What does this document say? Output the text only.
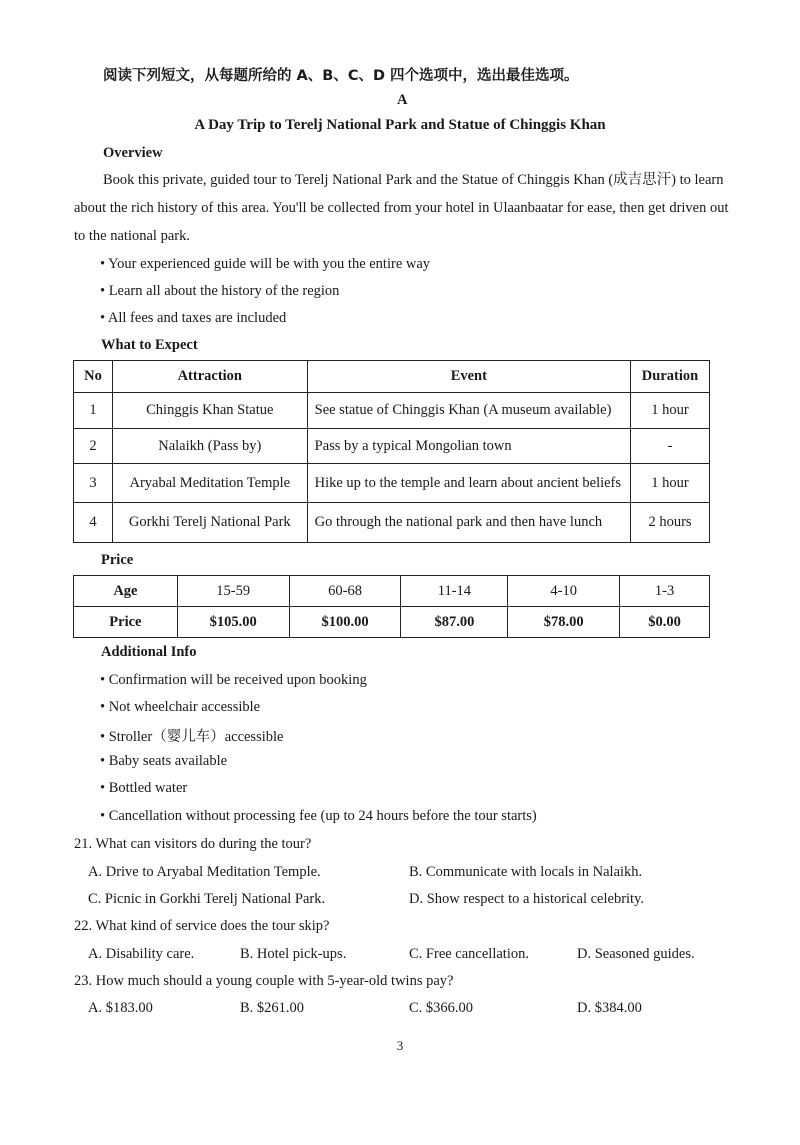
阅读下列短文，从每题所给的 A、B、C、D 四个选项中，选出最佳选项。
A
A Day Trip to Terelj National Park and Statue of Chinggis Khan
Overview
Book this private, guided tour to Terelj National Park and the Statue of Chinggis Khan (成吉思汗) to learn
about the rich history of this area. You'll be collected from your hotel in Ulaanbaatar for ease, then get driven out
to the national park.
• Your experienced guide will be with you the entire way
• Learn all about the history of the region
• All fees and taxes are included
What to Expect
No	Attraction	Event	Duration
1	Chinggis Khan Statue	See statue of Chinggis Khan (A museum available)	1 hour
2	Nalaikh (Pass by)	Pass by a typical Mongolian town	-
3	Aryabal Meditation Temple	Hike up to the temple and learn about ancient beliefs	1 hour
4	Gorkhi Terelj National Park	Go through the national park and then have lunch	2 hours
Price
Age	15-59	60-68	11-14	4-10	1-3
Price	$105.00	$100.00	$87.00	$78.00	$0.00
Additional Info
• Confirmation will be received upon booking
• Not wheelchair accessible
• Stroller（婴儿车）accessible
• Baby seats available
• Bottled water
• Cancellation without processing fee (up to 24 hours before the tour starts)
21. What can visitors do during the tour?
A. Drive to Aryabal Meditation Temple.	B. Communicate with locals in Nalaikh.
C. Picnic in Gorkhi Terelj National Park.	D. Show respect to a historical celebrity.
22. What kind of service does the tour skip?
A. Disability care.	B. Hotel pick-ups.	C. Free cancellation.	D. Seasoned guides.
23. How much should a young couple with 5-year-old twins pay?
A. $183.00	B. $261.00	C. $366.00	D. $384.00
3
